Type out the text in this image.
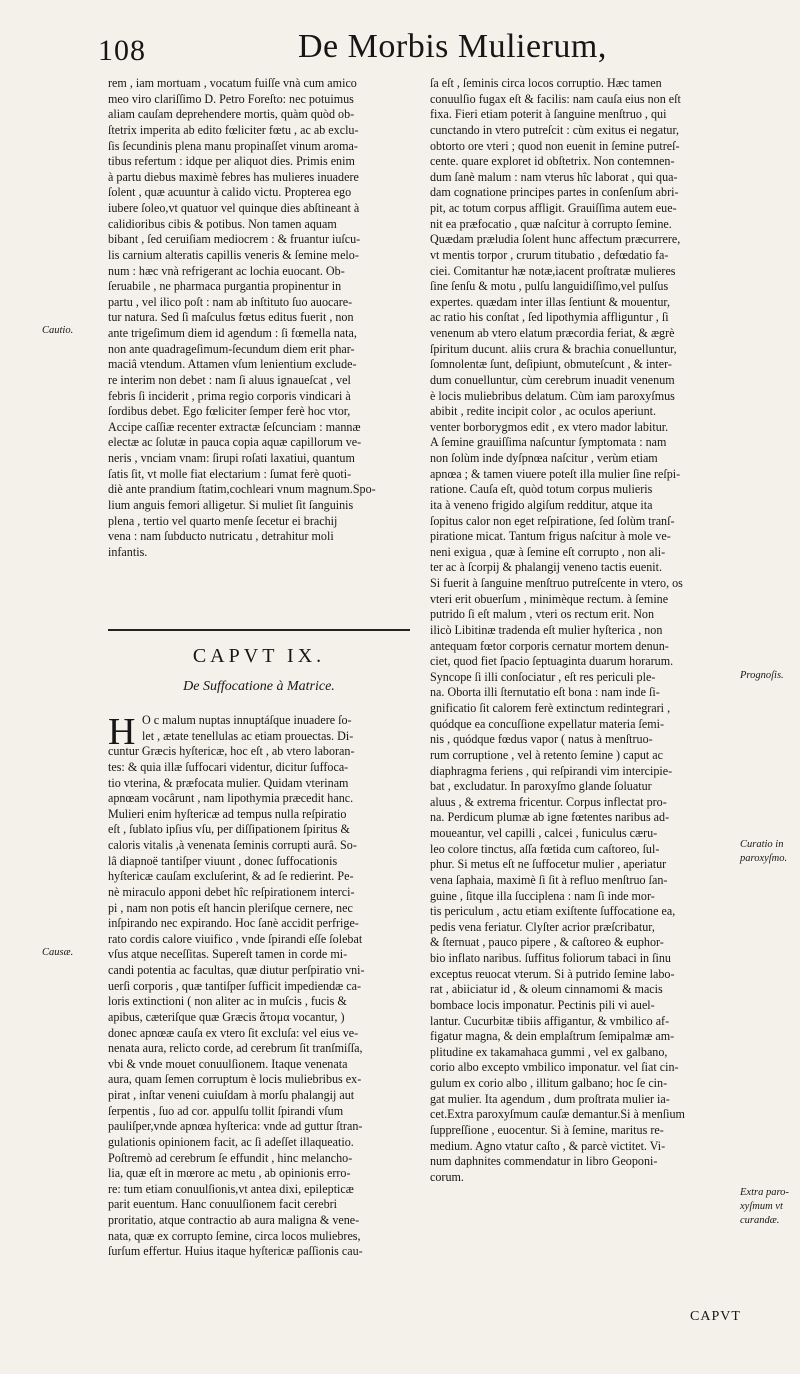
108	De Morbis Mulierum,
rem , iam mortuam , vocatum fuiſſe vnà cum amico
meo viro clariſſimo D. Petro Foreſto: nec potuimus
aliam cauſam deprehendere mortis, quàm quòd ob-
ſtetrix imperita ab edito fœliciter fœtu , ac ab exclu-
ſis ſecundinis plena manu propinaſſet vinum aroma-
tibus refertum : idque per aliquot dies. Primis enim
à partu diebus maximè febres has mulieres inuadere
ſolent , quæ acuuntur à calido victu. Propterea ego
iubere ſoleo,vt quatuor vel quinque dies abſtineant à
calidioribus cibis & potibus. Non tamen aquam
bibant , ſed ceruiſiam mediocrem : & fruantur iuſcu-
lis carnium alteratis capillis veneris & ſemine melo-
num : hæc vnà refrigerant ac lochia euocant. Ob-
ſeruabile , ne pharmaca purgantia propinentur in
partu , vel ilico poſt : nam ab inſtituto ſuo auocare-
tur natura. Sed ſi maſculus fœtus editus fuerit , non
ante trigeſimum diem id agendum : ſi fœmella nata,
non ante quadrageſimum-ſecundum diem erit phar-
maciâ vtendum. Attamen vſum lenientium exclude-
re interim non debet : nam ſi aluus ignaueſcat , vel
febris ſi inciderit , prima regio corporis vindicari à
ſordibus debet. Ego fœliciter ſemper ferè hoc vtor,
Accipe caſſiæ recenter extractæ ſeſcunciam : mannæ
electæ ac ſolutæ in pauca copia aquæ capillorum ve-
neris , vnciam vnam: ſirupi roſati laxatiui, quantum
ſatis ſit, vt molle fiat electarium : ſumat ferè quoti-
diè ante prandium ſtatim,cochleari vnum magnum.Spo-
lium anguis femori alligetur. Si muliet ſit ſanguinis
plena , tertio vel quarto menſe ſecetur ei brachij
vena : nam ſubducto nutricatu , detrahitur moli
infantis.
CAPVT IX.
De Suffocatione à Matrice.
H O c malum nuptas innuptáſque inuadere ſo-
let , ætate tenellulas ac etiam prouectas. Di-
cuntur Græcis hyſtericæ, hoc eſt , ab vtero laboran-
tes: & quia illæ ſuffocari videntur, dicitur ſuffoca-
tio vterina, & præfocata mulier. Quidam vterinam
apnœam vocârunt , nam lipothymia præcedit hanc.
Mulieri enim hyſtericæ ad tempus nulla reſpiratio
eſt , ſublato ipſius vſu, per diſſipationem ſpiritus &
caloris vitalis ,à venenata ſeminis corrupti aurâ. So-
lâ diapnoë tantiſper viuunt , donec ſuffocationis
hyſtericæ cauſam excluſerint, & ad ſe redierint. Pe-
nè miraculo apponi debet hîc reſpirationem interci-
pi , nam non potis eſt hancin pleriſque cernere, nec
inſpirando nec expirando. Hoc ſanè accidit perfrige-
rato cordis calore viuifico , vnde ſpirandi eſſe ſolebat
vſus atque neceſſitas. Supereſt tamen in corde mi-
candi potentia ac facultas, quæ diutur perſpiratio vni-
uerſi corporis , quæ tantiſper ſufficit impediendæ ca-
loris extinctioni ( non aliter ac in muſcis , fucis &
apibus, cæteriſque quæ Græcis ἄτομα vocantur, )
donec apnœæ cauſa ex vtero ſit excluſa: vel eius ve-
nenata aura, relicto corde, ad cerebrum ſit tranſmiſſa,
vbi & vnde mouet conuulſionem. Itaque venenata
aura, quam ſemen corruptum è locis muliebribus ex-
pirat , inſtar veneni cuiuſdam à morſu phalangij aut
ſerpentis , ſuo ad cor. appulſu tollit ſpirandi vſum
pauliſper,vnde apnœa hyſterica: vnde ad guttur ſtran-
gulationis opinionem facit, ac ſi adeſſet illaqueatio.
Poſtremò ad cerebrum ſe effundit , hinc melancho-
lia, quæ eſt in mœrore ac metu , ab opinionis erro-
re: tum etiam conuulſionis,vt antea dixi, epilepticæ
parit euentum. Hanc conuulſionem facit cerebri
proritatio, atque contractio ab aura maligna & vene-
nata, quæ ex corrupto ſemine, circa locos muliebres,
ſurſum effertur. Huius itaque hyſtericæ paſſionis cau-
ſa eſt , ſeminis circa locos corruptio. Hæc tamen
conuulſio fugax eſt & facilis: nam cauſa eius non eſt
fixa. Fieri etiam poterit à ſanguine menſtruo , qui
cunctando in vtero putreſcit : cùm exitus ei negatur,
obtorto ore vteri ; quod non euenit in ſemine putreſ-
cente. quare exploret id obſtetrix. Non contemnen-
dum ſanè malum : nam vterus hîc laborat , qui qua-
dam cognatione principes partes in conſenſum abri-
pit, ac totum corpus affligit. Grauiſſima autem eue-
nit ea præfocatio , quæ naſcitur à corrupto ſemine.
Quædam præludia ſolent hunc affectum præcurrere,
vt mentis torpor , crurum titubatio , defœdatio fa-
ciei. Comitantur hæ notæ,iacent proſtratæ mulieres
ſine ſenſu & motu , pulſu languidiſſimo,vel pulſus
expertes. quædam inter illas ſentiunt & mouentur,
ac ratio his conſtat , ſed lipothymia affliguntur , ſi
venenum ab vtero elatum præcordia feriat, & ægrè
ſpiritum ducunt. aliis crura & brachia conuelluntur,
ſomnolentæ ſunt, deſipiunt, obmuteſcunt , & inter-
dum conuelluntur, cùm cerebrum inuadit venenum
è locis muliebribus delatum. Cùm iam paroxyſmus
abibit , redite incipit color , ac oculos aperiunt.
venter borborygmos edit , ex vtero mador labitur.
A ſemine grauiſſima naſcuntur ſymptomata : nam
non ſolùm inde dyſpnœa naſcitur , verùm etiam
apnœa ; & tamen viuere poteſt illa mulier ſine reſpi-
ratione. Cauſa eſt, quòd totum corpus mulieris
ita à veneno frigido algiſum redditur, atque ita
ſopitus calor non eget reſpiratione, ſed ſolùm tranſ-
piratione micat. Tantum frigus naſcitur à mole ve-
neni exigua , quæ à ſemine eſt corrupto , non ali-
ter ac à ſcorpij & phalangij veneno tactis euenit.
Si fuerit à ſanguine menſtruo putreſcente in vtero, os
vteri erit obuerſum , minimèque rectum. à ſemine
putrido ſi eſt malum , vteri os rectum erit. Non
ilicò Libitinæ tradenda eſt mulier hyſterica , non
antequam fœtor corporis cernatur mortem denun-
ciet, quod fiet ſpacio ſeptuaginta duarum horarum.
Syncope ſi illi conſociatur , eſt res periculi ple-
na. Oborta illi ſternutatio eſt bona : nam inde ſi-
gnificatio ſit calorem ferè extinctum redintegrari ,
quódque ea concuſſione expellatur materia ſemi-
nis , quódque fœdus vapor ( natus à menſtruo-
rum corruptione , vel à retento ſemine ) caput ac
diaphragma feriens , qui reſpirandi vim intercipie-
bat , excludatur. In paroxyſmo glande ſoluatur
aluus , & extrema fricentur. Corpus inflectat pro-
na. Perdicum plumæ ab igne fœtentes naribus ad-
moueantur, vel capilli , calcei , funiculus cæru-
leo colore tinctus, aſſa fœtida cum caſtoreo, ſul-
phur. Si metus eſt ne ſuffocetur mulier , aperiatur
vena ſaphaia, maximè ſi ſit à refluo menſtruo ſan-
guine , ſitque illa ſucciplena : nam ſi inde mor-
tis periculum , actu etiam exiſtente ſuffocatione ea,
pedis vena feriatur. Clyſter acrior præſcribatur,
& ſternuat , pauco pipere , & caſtoreo & euphor-
bio inflato naribus. ſuffitus foliorum tabaci in ſinu
exceptus reuocat vterum. Si à putrido ſemine labo-
rat , abiiciatur id , & oleum cinnamomi & macis
bombace locis imponatur. Pectinis pili vi auel-
lantur. Cucurbitæ tibiis affigantur, & vmbilico af-
figatur magna, & dein emplaſtrum ſemipalmæ am-
plitudine ex takamahaca gummi , vel ex galbano,
corio albo excepto vmbilico imponatur. vel ſiat cin-
gulum ex corio albo , illitum galbano; hoc ſe cin-
gat mulier. Ita agendum , dum proſtrata mulier ia-
cet.Extra paroxyſmum cauſæ demantur.Si à menſium
ſuppreſſione , euocentur. Si à ſemine, maritus re-
medium. Agno vtatur caſto , & parcè victitet. Vi-
num daphnites commendatur in libro Geoponi-
corum.
Cautio.
Causæ.
Prognoſis.
Curatio in
paroxyſmo.
Extra paro-
xyſmum vt
curandæ.
CAPVT
